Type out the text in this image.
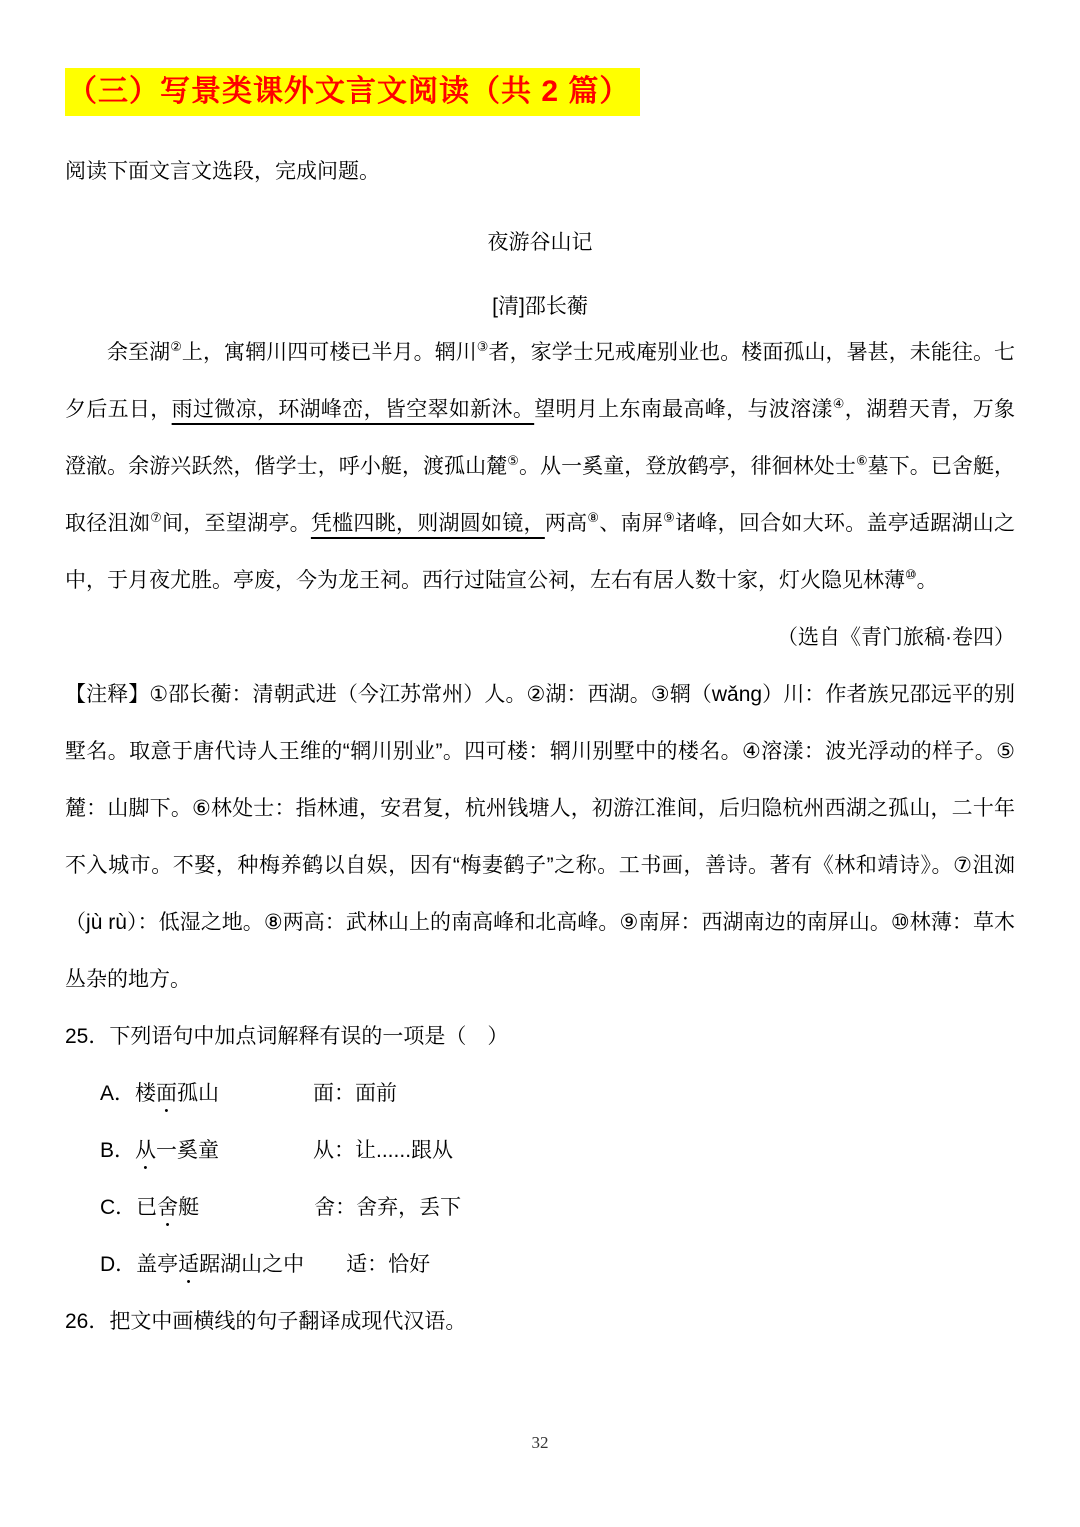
（三）写景类课外文言文阅读（共 2 篇）

阅读下面文言文选段，完成问题。

夜游谷山记

[清]邵长蘅

余至湖②上，寓辋川四可楼已半月。辋川③者，家学士兄戒庵别业也。楼面孤山，暑甚，未能往。七夕后五日，雨过微凉，环湖峰峦，皆空翠如新沐。望明月上东南最高峰，与波溶漾④，湖碧天青，万象澄澈。余游兴跃然，偕学士，呼小艇，渡孤山麓⑤。从一奚童，登放鹤亭，徘徊林处士⑥墓下。已舍艇，取径沮洳⑦间，至望湖亭。凭槛四眺，则湖圆如镜，两高⑧、南屏⑨诸峰，回合如大环。盖亭适踞湖山之中，于月夜尤胜。亭废，今为龙王祠。西行过陆宣公祠，左右有居人数十家，灯火隐见林薄⑩。

（选自《青门旅稿·卷四）

【注释】①邵长蘅：清朝武进（今江苏常州）人。②湖：西湖。③辋（wǎng）川：作者族兄邵远平的别墅名。取意于唐代诗人王维的“辋川别业”。四可楼：辋川别墅中的楼名。④溶漾：波光浮动的样子。⑤麓：山脚下。⑥林处士：指林逋，安君复，杭州钱塘人，初游江淮间，后归隐杭州西湖之孤山，二十年不入城市。不娶，种梅养鹤以自娱，因有“梅妻鹤子”之称。工书画，善诗。著有《林和靖诗》。⑦沮洳（jù rù）：低湿之地。⑧两高：武林山上的南高峰和北高峰。⑨南屏：西湖南边的南屏山。⑩林薄：草木丛杂的地方。

25．下列语句中加点词解释有误的一项是（　）

A．楼面孤山	面：面前
B．从一奚童	从：让......跟从
C．已舍艇	舍：舍弃，丢下
D．盖亭适踞湖山之中 适：恰好

26．把文中画横线的句子翻译成现代汉语。

32
